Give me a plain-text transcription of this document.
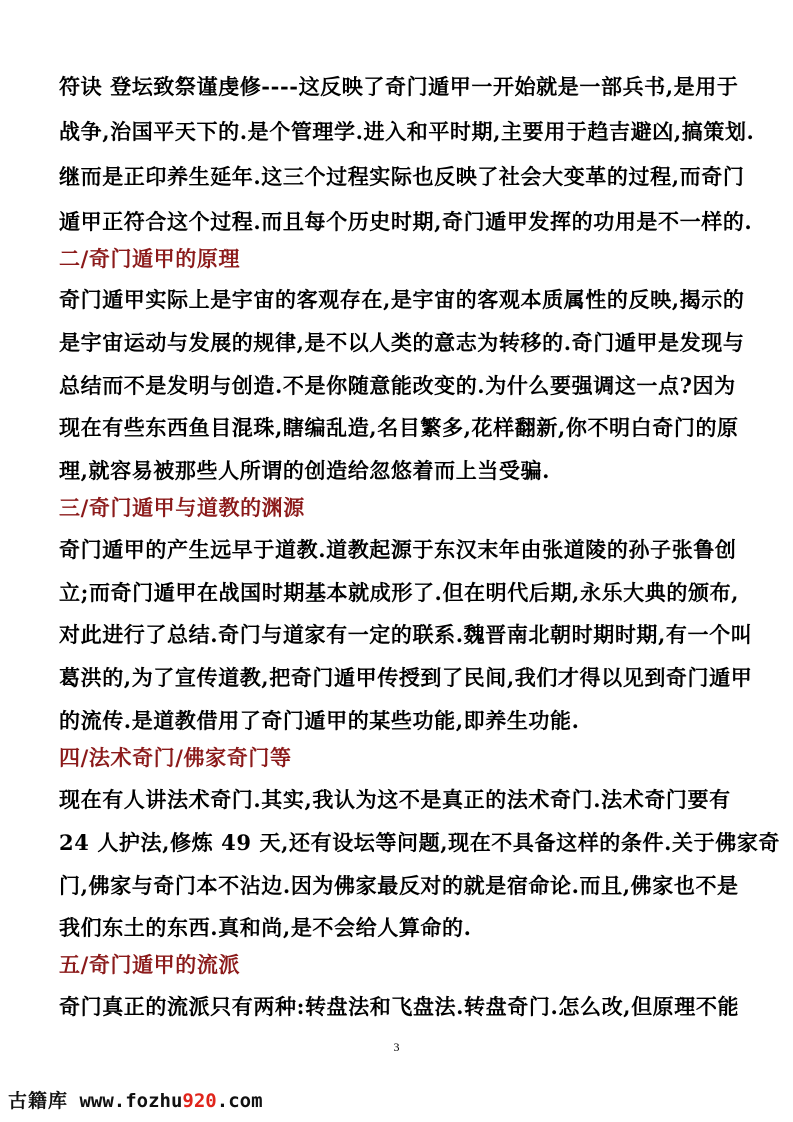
符诀 登坛致祭谨虔修----这反映了奇门遁甲一开始就是一部兵书,是用于
战争,治国平天下的.是个管理学.进入和平时期,主要用于趋吉避凶,搞策划.
继而是正印养生延年.这三个过程实际也反映了社会大变革的过程,而奇门
遁甲正符合这个过程.而且每个历史时期,奇门遁甲发挥的功用是不一样的.
二/奇门遁甲的原理
奇门遁甲实际上是宇宙的客观存在,是宇宙的客观本质属性的反映,揭示的
是宇宙运动与发展的规律,是不以人类的意志为转移的.奇门遁甲是发现与
总结而不是发明与创造.不是你随意能改变的.为什么要强调这一点?因为
现在有些东西鱼目混珠,瞎编乱造,名目繁多,花样翻新,你不明白奇门的原
理,就容易被那些人所谓的创造给忽悠着而上当受骗.
三/奇门遁甲与道教的渊源
奇门遁甲的产生远早于道教.道教起源于东汉末年由张道陵的孙子张鲁创
立;而奇门遁甲在战国时期基本就成形了.但在明代后期,永乐大典的颁布,
对此进行了总结.奇门与道家有一定的联系.魏晋南北朝时期时期,有一个叫
葛洪的,为了宣传道教,把奇门遁甲传授到了民间,我们才得以见到奇门遁甲
的流传.是道教借用了奇门遁甲的某些功能,即养生功能.
四/法术奇门/佛家奇门等
现在有人讲法术奇门.其实,我认为这不是真正的法术奇门.法术奇门要有
24 人护法,修炼 49 天,还有设坛等问题,现在不具备这样的条件.关于佛家奇
门,佛家与奇门本不沾边.因为佛家最反对的就是宿命论.而且,佛家也不是
我们东土的东西.真和尚,是不会给人算命的.
五/奇门遁甲的流派
奇门真正的流派只有两种:转盘法和飞盘法.转盘奇门.怎么改,但原理不能
3
古籍库 www.fozhu920.com
